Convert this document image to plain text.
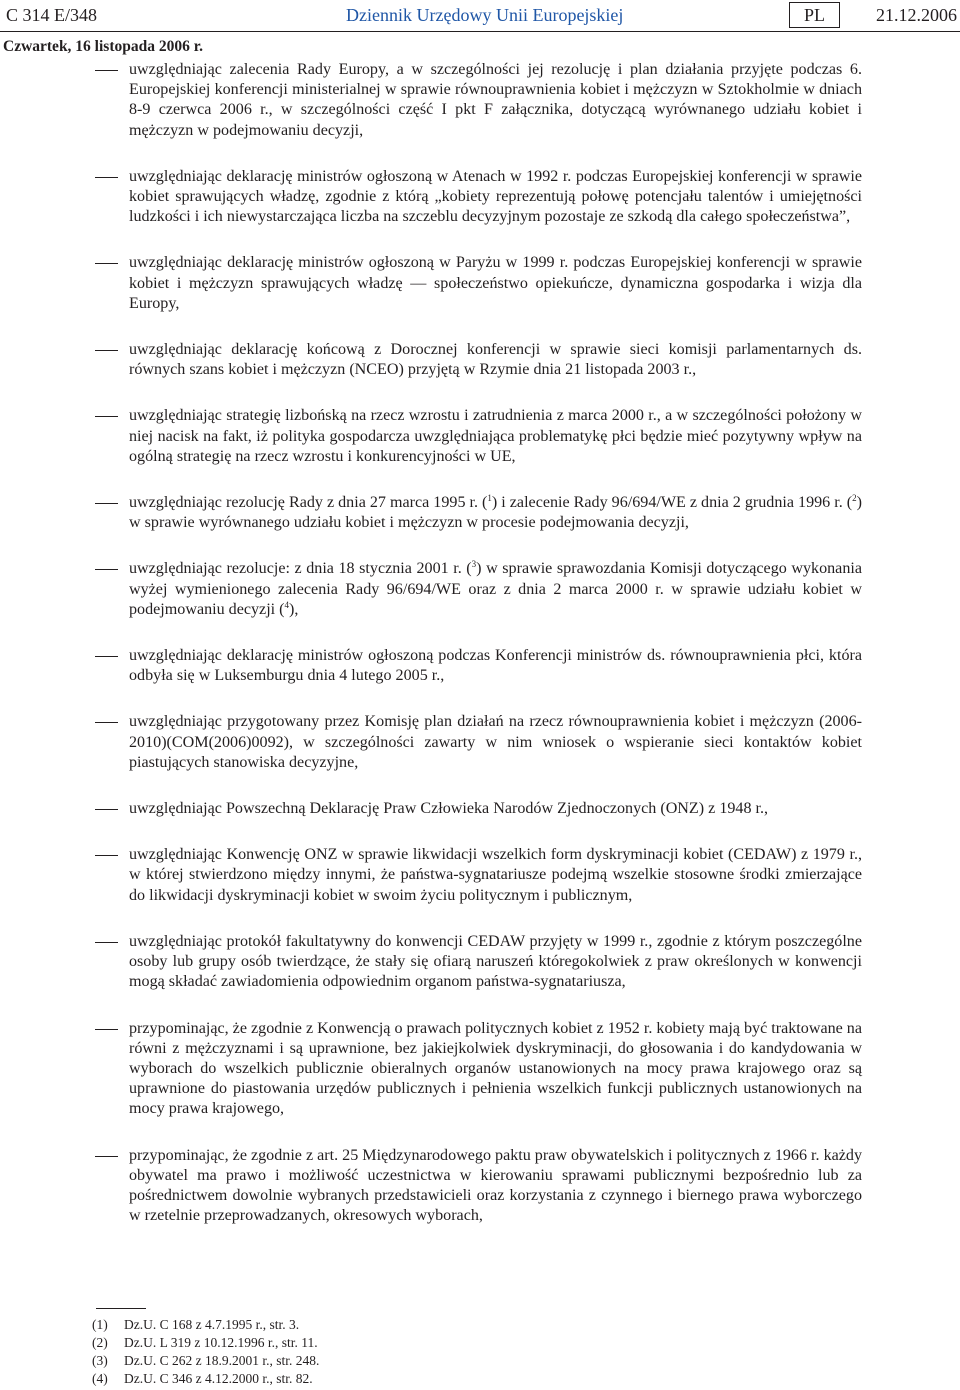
C 314 E/348	Dziennik Urzędowy Unii Europejskiej	PL	21.12.2006
Czwartek, 16 listopada 2006 r.
uwzględniając zalecenia Rady Europy, a w szczególności jej rezolucję i plan działania przyjęte podczas 6. Europejskiej konferencji ministerialnej w sprawie równouprawnienia kobiet i mężczyzn w Sztokholmie w dniach 8-9 czerwca 2006 r., w szczególności część I pkt F załącznika, dotyczącą wyrównanego udziału kobiet i mężczyzn w podejmowaniu decyzji,
uwzględniając deklarację ministrów ogłoszoną w Atenach w 1992 r. podczas Europejskiej konferencji w sprawie kobiet sprawujących władzę, zgodnie z którą „kobiety reprezentują połowę potencjału talentów i umiejętności ludzkości i ich niewystarczająca liczba na szczeblu decyzyjnym pozostaje ze szkodą dla całego społeczeństwa”,
uwzględniając deklarację ministrów ogłoszoną w Paryżu w 1999 r. podczas Europejskiej konferencji w sprawie kobiet i mężczyzn sprawujących władzę — społeczeństwo opiekuńcze, dynamiczna gospodarka i wizja dla Europy,
uwzględniając deklarację końcową z Dorocznej konferencji w sprawie sieci komisji parlamentarnych ds. równych szans kobiet i mężczyzn (NCEO) przyjętą w Rzymie dnia 21 listopada 2003 r.,
uwzględniając strategię lizbońską na rzecz wzrostu i zatrudnienia z marca 2000 r., a w szczególności położony w niej nacisk na fakt, iż polityka gospodarcza uwzględniająca problematykę płci będzie mieć pozytywny wpływ na ogólną strategię na rzecz wzrostu i konkurencyjności w UE,
uwzględniając rezolucję Rady z dnia 27 marca 1995 r. ($^1$) i zalecenie Rady 96/694/WE z dnia 2 grudnia 1996 r. ($^2$) w sprawie wyrównanego udziału kobiet i mężczyzn w procesie podejmowania decyzji,
uwzględniając rezolucje: z dnia 18 stycznia 2001 r. ($^3$) w sprawie sprawozdania Komisji dotyczącego wykonania wyżej wymienionego zalecenia Rady 96/694/WE oraz z dnia 2 marca 2000 r. w sprawie udziału kobiet w podejmowaniu decyzji ($^4$),
uwzględniając deklarację ministrów ogłoszoną podczas Konferencji ministrów ds. równouprawnienia płci, która odbyła się w Luksemburgu dnia 4 lutego 2005 r.,
uwzględniając przygotowany przez Komisję plan działań na rzecz równouprawnienia kobiet i mężczyzn (2006-2010)(COM(2006)0092), w szczególności zawarty w nim wniosek o wspieranie sieci kontaktów kobiet piastujących stanowiska decyzyjne,
uwzględniając Powszechną Deklarację Praw Człowieka Narodów Zjednoczonych (ONZ) z 1948 r.,
uwzględniając Konwencję ONZ w sprawie likwidacji wszelkich form dyskryminacji kobiet (CEDAW) z 1979 r., w której stwierdzono między innymi, że państwa-sygnatariusze podejmą wszelkie stosowne środki zmierzające do likwidacji dyskryminacji kobiet w swoim życiu politycznym i publicznym,
uwzględniając protokół fakultatywny do konwencji CEDAW przyjęty w 1999 r., zgodnie z którym poszczególne osoby lub grupy osób twierdzące, że stały się ofiarą naruszeń któregokolwiek z praw określonych w konwencji mogą składać zawiadomienia odpowiednim organom państwa-sygnatariusza,
przypominając, że zgodnie z Konwencją o prawach politycznych kobiet z 1952 r. kobiety mają być traktowane na równi z mężczyznami i są uprawnione, bez jakiejkolwiek dyskryminacji, do głosowania i do kandydowania w wyborach do wszelkich publicznie obieralnych organów ustanowionych na mocy prawa krajowego oraz są uprawnione do piastowania urzędów publicznych i pełnienia wszelkich funkcji publicznych ustanowionych na mocy prawa krajowego,
przypominając, że zgodnie z art. 25 Międzynarodowego paktu praw obywatelskich i politycznych z 1966 r. każdy obywatel ma prawo i możliwość uczestnictwa w kierowaniu sprawami publicznymi bezpośrednio lub za pośrednictwem dowolnie wybranych przedstawicieli oraz korzystania z czynnego i biernego prawa wyborczego w rzetelnie przeprowadzanych, okresowych wyborach,
(1)	Dz.U. C 168 z 4.7.1995 r., str. 3.
(2)	Dz.U. L 319 z 10.12.1996 r., str. 11.
(3)	Dz.U. C 262 z 18.9.2001 r., str. 248.
(4)	Dz.U. C 346 z 4.12.2000 r., str. 82.
